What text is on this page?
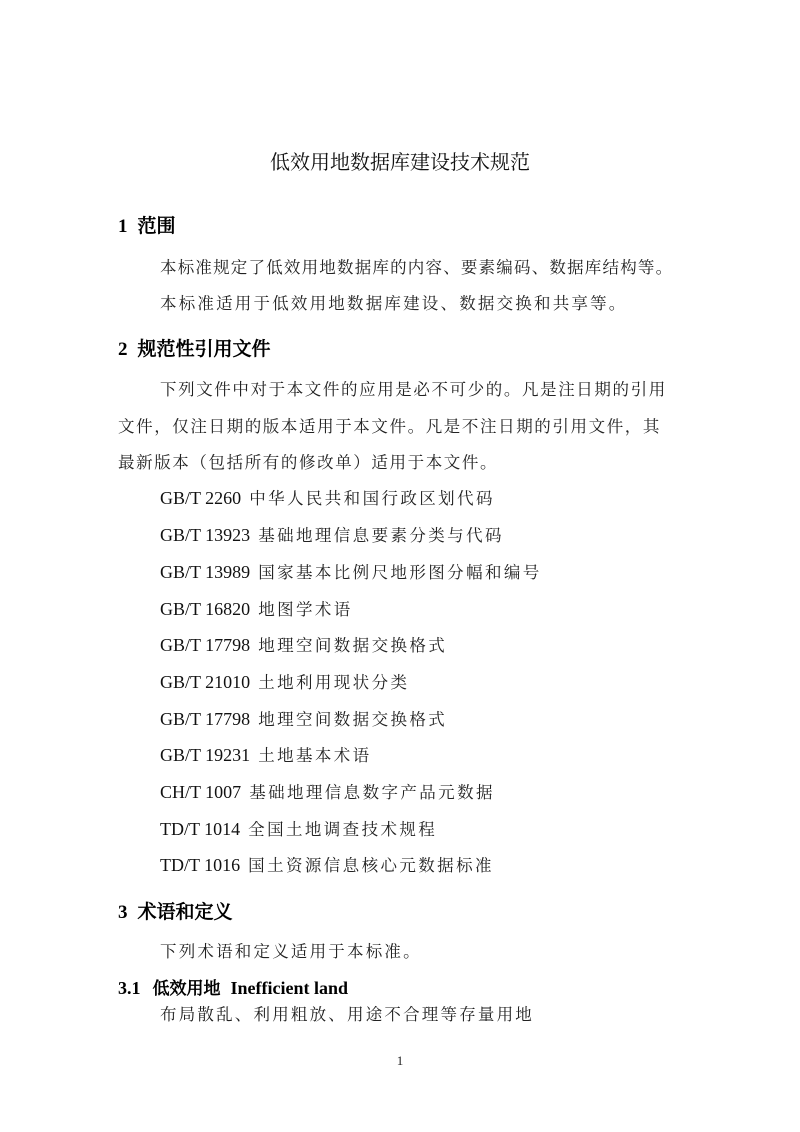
低效用地数据库建设技术规范
1 范围
本标准规定了低效用地数据库的内容、要素编码、数据库结构等。
本标准适用于低效用地数据库建设、数据交换和共享等。
2 规范性引用文件
下列文件中对于本文件的应用是必不可少的。凡是注日期的引用
文件，仅注日期的版本适用于本文件。凡是不注日期的引用文件，其
最新版本（包括所有的修改单）适用于本文件。
GB/T 2260 中华人民共和国行政区划代码
GB/T 13923 基础地理信息要素分类与代码
GB/T 13989 国家基本比例尺地形图分幅和编号
GB/T 16820 地图学术语
GB/T 17798 地理空间数据交换格式
GB/T 21010 土地利用现状分类
GB/T 17798 地理空间数据交换格式
GB/T 19231 土地基本术语
CH/T 1007 基础地理信息数字产品元数据
TD/T 1014 全国土地调查技术规程
TD/T 1016 国土资源信息核心元数据标准
3 术语和定义
下列术语和定义适用于本标准。
3.1 低效用地 Inefficient land
布局散乱、利用粗放、用途不合理等存量用地
1
